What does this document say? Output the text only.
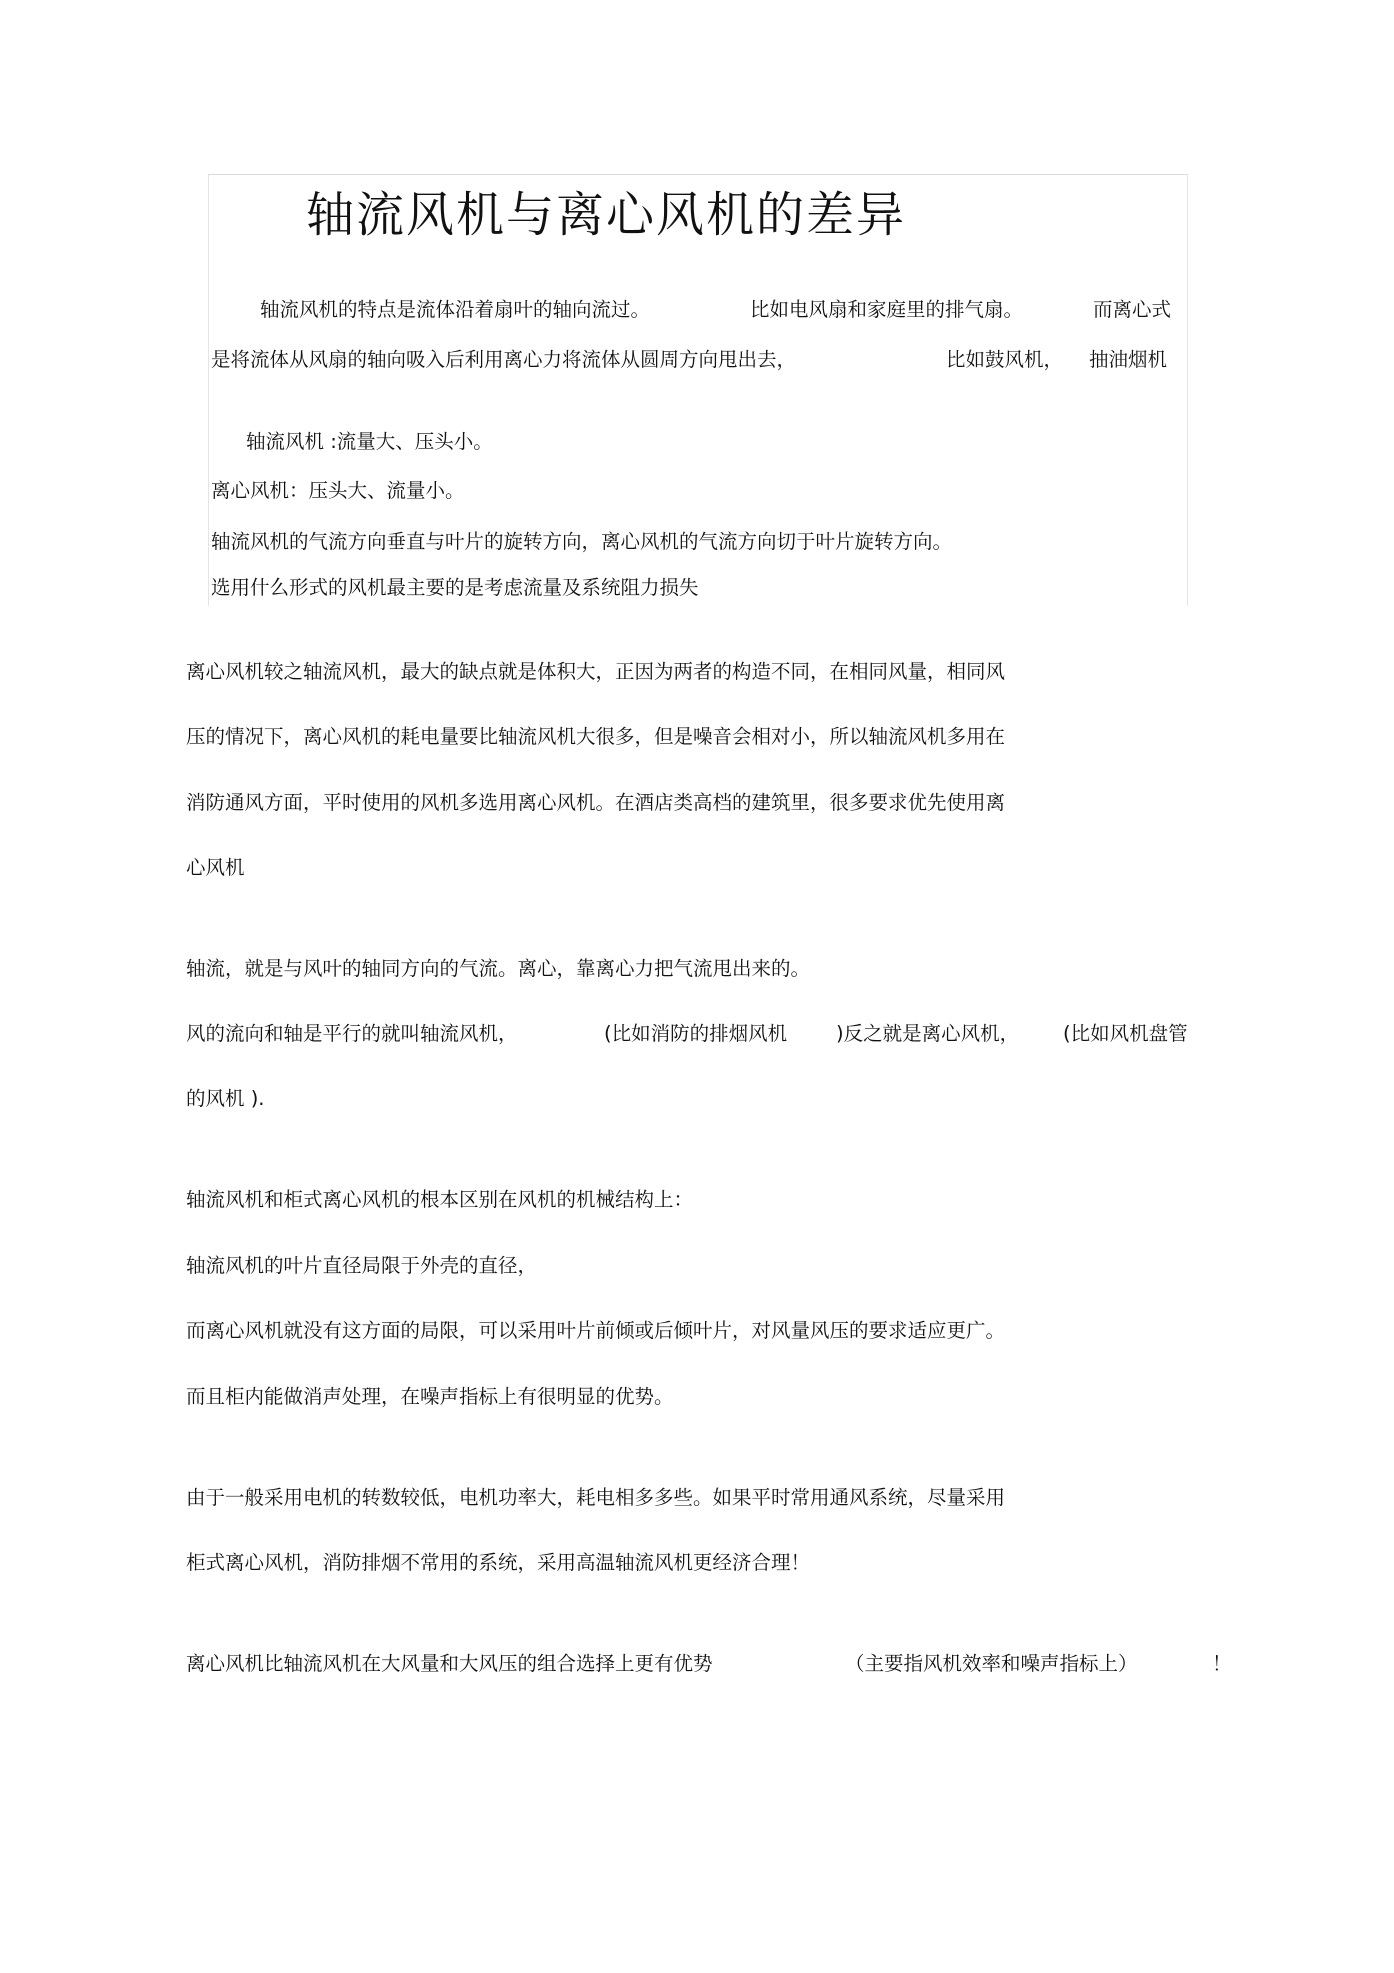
轴流风机与离心风机的差异
轴流风机的特点是流体沿着扇叶的轴向流过。	比如电风扇和家庭里的排气扇。	而离心式
是将流体从风扇的轴向吸入后利用离心力将流体从圆周方向甩出去，	比如鼓风机， 抽油烟机
轴流风机 :流量大、压头小。
离心风机：压头大、流量小。
轴流风机的气流方向垂直与叶片的旋转方向，离心风机的气流方向切于叶片旋转方向。
选用什么形式的风机最主要的是考虑流量及系统阻力损失
离心风机较之轴流风机，最大的缺点就是体积大，正因为两者的构造不同，在相同风量，相同风
压的情况下，离心风机的耗电量要比轴流风机大很多，但是噪音会相对小，所以轴流风机多用在
消防通风方面，平时使用的风机多选用离心风机。在酒店类高档的建筑里，很多要求优先使用离
心风机
轴流，就是与风叶的轴同方向的气流。离心，靠离心力把气流甩出来的。
风的流向和轴是平行的就叫轴流风机，	(比如消防的排烟风机	)反之就是离心风机， (比如风机盘管
的风机 ).
轴流风机和柜式离心风机的根本区别在风机的机械结构上：
轴流风机的叶片直径局限于外壳的直径，
而离心风机就没有这方面的局限，可以采用叶片前倾或后倾叶片，对风量风压的要求适应更广。
而且柜内能做消声处理，在噪声指标上有很明显的优势。
由于一般采用电机的转数较低，电机功率大，耗电相多多些。如果平时常用通风系统，尽量采用
柜式离心风机，消防排烟不常用的系统，采用高温轴流风机更经济合理！
离心风机比轴流风机在大风量和大风压的组合选择上更有优势	（主要指风机效率和噪声指标上）	！
